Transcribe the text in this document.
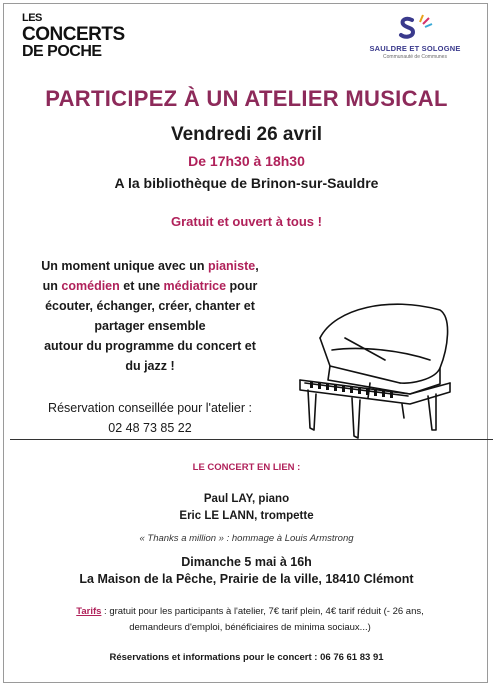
LES
CONCERTS
DE POCHE	SAULDRE ET SOLOGNE
Communauté de Communes
PARTICIPEZ À UN ATELIER MUSICAL
Vendredi 26 avril
De 17h30 à 18h30
A la bibliothèque de Brinon-sur-Sauldre
Gratuit et ouvert à tous !
Un moment unique avec un pianiste,
un comédien et une médiatrice pour
écouter, échanger, créer, chanter et
partager ensemble
autour du programme du concert et
du jazz !
Réservation conseillée pour l'atelier :
02 48 73 85 22
LE CONCERT EN LIEN :
Paul LAY, piano
Eric LE LANN, trompette
« Thanks a million » : hommage à Louis Armstrong
Dimanche 5 mai à 16h
La Maison de la Pêche, Prairie de la ville, 18410 Clémont
Tarifs : gratuit pour les participants à l'atelier, 7€ tarif plein, 4€ tarif réduit (- 26 ans,
demandeurs d'emploi, bénéficiaires de minima sociaux...)
Réservations et informations pour le concert : 06 76 61 83 91
